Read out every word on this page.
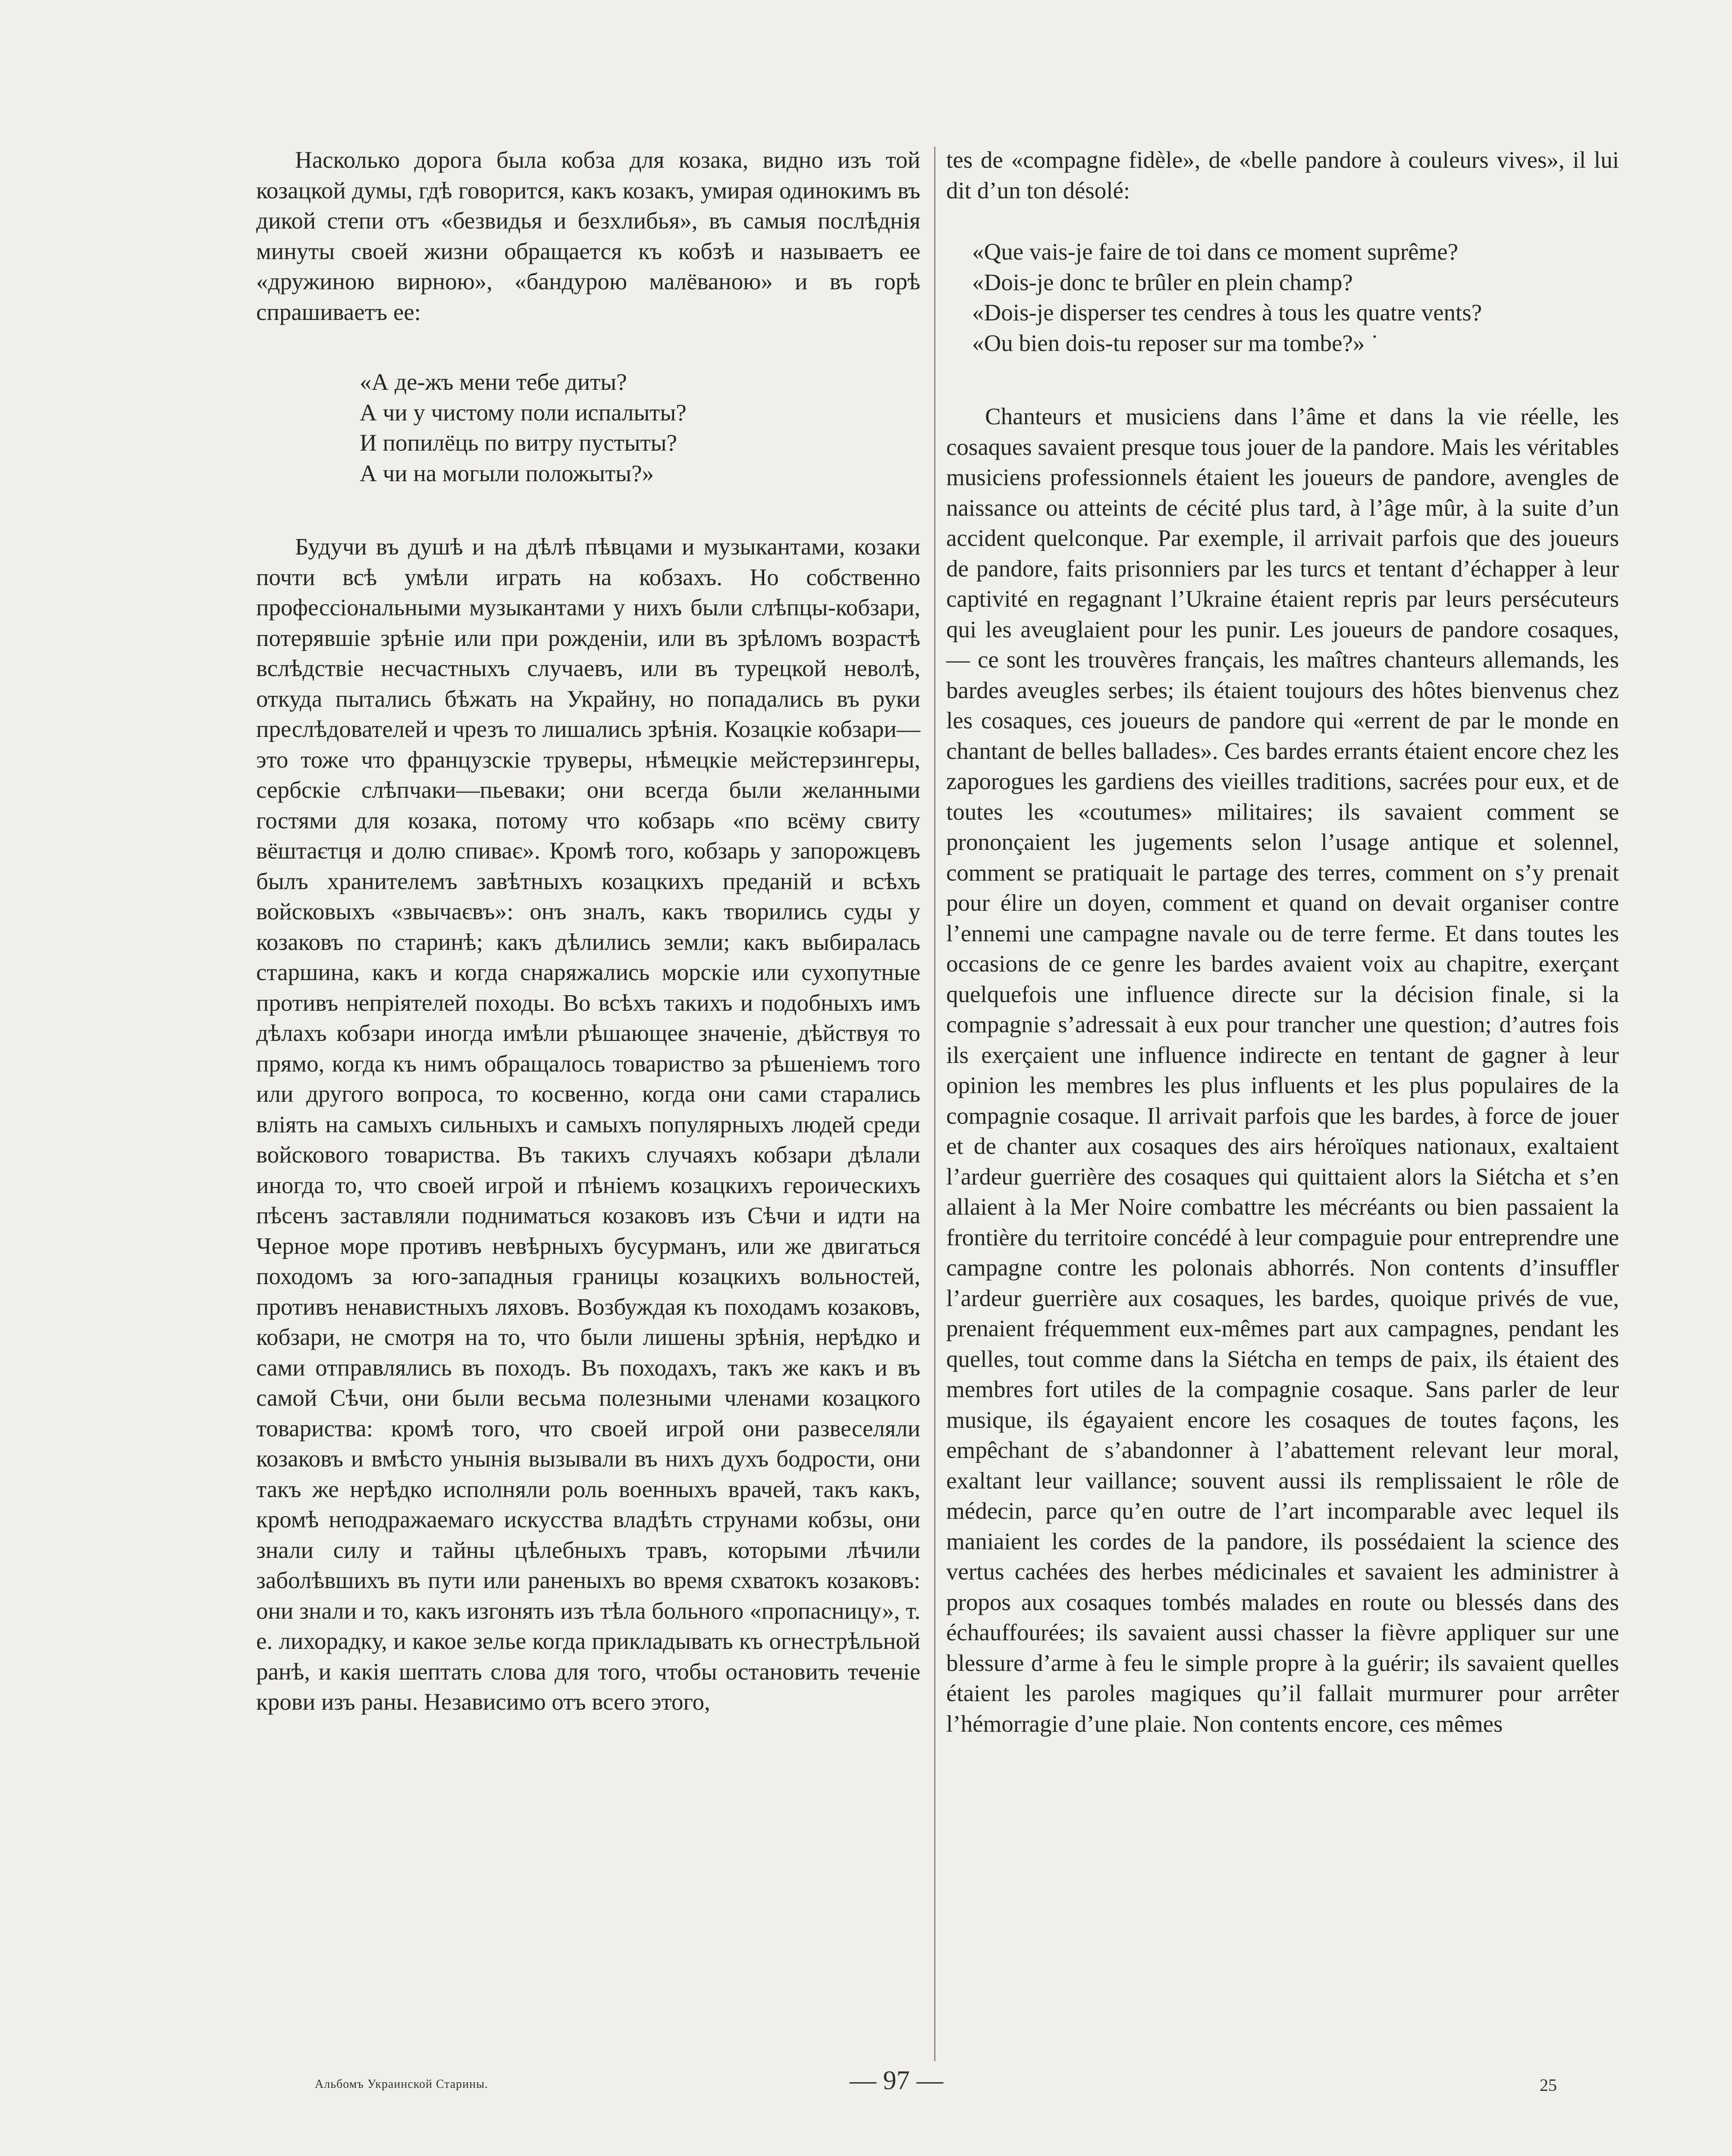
Насколько дорога была кобза для козака, видно изъ той козацкой думы, гдѣ говорится, какъ козакъ, умирая одинокимъ въ дикой степи отъ «безвидья и безхлибья», въ самыя послѣднія минуты своей жизни обращается къ кобзѣ и называетъ ее «дружиною вирною», «бандурою малёваною» и въ горѣ спрашиваетъ ее:

«А де-жъ мени тебе диты?
А чи у чистому поли испалыты?
И попилёць по витру пустыты?
А чи на могыли положыты?»

Будучи въ душѣ и на дѣлѣ пѣвцами и музыкантами, козаки почти всѣ умѣли играть на кобзахъ. Но собственно профессіональными музыкантами у нихъ были слѣпцы-кобзари, потерявшіе зрѣніе или при рожденіи, или въ зрѣломъ возрастѣ вслѣдствіе несчастныхъ случаевъ, или въ турецкой неволѣ, откуда пытались бѣжать на Украйну, но попадались въ руки преслѣдователей и чрезъ то лишались зрѣнія. Козацкіе кобзари—это тоже что французскіе труверы, нѣмецкіе мейстерзингеры, сербскіе слѣпчаки—пьеваки; они всегда были желанными гостями для козака, потому что кобзарь «по всёму свиту вёштаєтця и долю спиває». Кромѣ того, кобзарь у запорожцевъ былъ хранителемъ завѣтныхъ козацкихъ преданій и всѣхъ войсковыхъ «звычаєвъ»: онъ зналъ, какъ творились суды у козаковъ по старинѣ; какъ дѣлились земли; какъ выбиралась старшина, какъ и когда снаряжались морскіе или сухопутные противъ непріятелей походы. Во всѣхъ такихъ и подобныхъ имъ дѣлахъ кобзари иногда имѣли рѣшающее значеніе, дѣйствуя то прямо, когда къ нимъ обращалось товариство за рѣшеніемъ того или другого вопроса, то косвенно, когда они сами старались вліять на самыхъ сильныхъ и самыхъ популярныхъ людей среди войскового товариства. Въ такихъ случаяхъ кобзари дѣлали иногда то, что своей игрой и пѣніемъ козацкихъ героическихъ пѣсенъ заставляли подниматься козаковъ изъ Сѣчи и идти на Черное море противъ невѣрныхъ бусурманъ, или же двигаться походомъ за юго-западныя границы козацкихъ вольностей, противъ ненавистныхъ ляховъ. Возбуждая къ походамъ козаковъ, кобзари, не смотря на то, что были лишены зрѣнія, нерѣдко и сами отправлялись въ походъ. Въ походахъ, такъ же какъ и въ самой Сѣчи, они были весьма полезными членами козацкого товариства: кромѣ того, что своей игрой они развеселяли козаковъ и вмѣсто унынія вызывали въ нихъ духъ бодрости, они такъ же нерѣдко исполняли роль военныхъ врачей, такъ какъ, кромѣ неподражаемаго искусства владѣть струнами кобзы, они знали силу и тайны цѣлебныхъ травъ, которыми лѣчили заболѣвшихъ въ пути или раненыхъ во время схватокъ козаковъ: они знали и то, какъ изгонять изъ тѣла больного «пропасницу», т. е. лихорадку, и какое зелье когда прикладывать къ огнестрѣльной ранѣ, и какія шептать слова для того, чтобы остановить теченіе крови изъ раны. Независимо отъ всего этого,

tes de «compagne fidèle», de «belle pandore à couleurs vives», il lui dit d’un ton désolé:

«Que vais-je faire de toi dans ce moment suprême?
«Dois-je donc te brûler en plein champ?
«Dois-je disperser tes cendres à tous les quatre vents?
«Ou bien dois-tu reposer sur ma tombe?» ˙

Chanteurs et musiciens dans l’âme et dans la vie réelle, les cosaques savaient presque tous jouer de la pandore. Mais les véritables musiciens professionnels étaient les joueurs de pandore, avengles de naissance ou atteints de cécité plus tard, à l’âge mûr, à la suite d’un accident quelconque. Par exemple, il arrivait parfois que des joueurs de pandore, faits prisonniers par les turcs et tentant d’échapper à leur captivité en regagnant l’Ukraine étaient repris par leurs persécuteurs qui les aveuglaient pour les punir. Les joueurs de pandore cosaques, — ce sont les trouvères français, les maîtres chanteurs allemands, les bardes aveugles serbes; ils étaient toujours des hôtes bienvenus chez les cosaques, ces joueurs de pandore qui «errent de par le monde en chantant de belles ballades». Ces bardes errants étaient encore chez les zaporogues les gardiens des vieilles traditions, sacrées pour eux, et de toutes les «coutumes» militaires; ils savaient comment se prononçaient les jugements selon l’usage antique et solennel, comment se pratiquait le partage des terres, comment on s’y prenait pour élire un doyen, comment et quand on devait organiser contre l’ennemi une campagne navale ou de terre ferme. Et dans toutes les occasions de ce genre les bardes avaient voix au chapitre, exerçant quelquefois une influence directe sur la décision finale, si la compagnie s’adressait à eux pour trancher une question; d’autres fois ils exerçaient une influence indirecte en tentant de gagner à leur opinion les membres les plus influents et les plus populaires de la compagnie cosaque. Il arrivait parfois que les bardes, à force de jouer et de chanter aux cosaques des airs héroïques nationaux, exaltaient l’ardeur guerrière des cosaques qui quittaient alors la Siétcha et s’en allaient à la Mer Noire combattre les mécréants ou bien passaient la frontière du territoire concédé à leur compaguie pour entreprendre une campagne contre les polonais abhorrés. Non contents d’insuffler l’ardeur guerrière aux cosaques, les bardes, quoique privés de vue, prenaient fréquemment eux-mêmes part aux campagnes, pendant les quelles, tout comme dans la Siétcha en temps de paix, ils étaient des membres fort utiles de la compagnie cosaque. Sans parler de leur musique, ils égayaient encore les cosaques de toutes façons, les empêchant de s’abandonner à l’abattement relevant leur moral, exaltant leur vaillance; souvent aussi ils remplissaient le rôle de médecin, parce qu’en outre de l’art incomparable avec lequel ils maniaient les cordes de la pandore, ils possédaient la science des vertus cachées des herbes médicinales et savaient les administrer à propos aux cosaques tombés malades en route ou blessés dans des échauffourées; ils savaient aussi chasser la fièvre appliquer sur une blessure d’arme à feu le simple propre à la guérir; ils savaient quelles étaient les paroles magiques qu’il fallait murmurer pour arrêter l’hémorragie d’une plaie. Non contents encore, ces mêmes

Альбомъ Украинской Старины.	— 97 —	25
